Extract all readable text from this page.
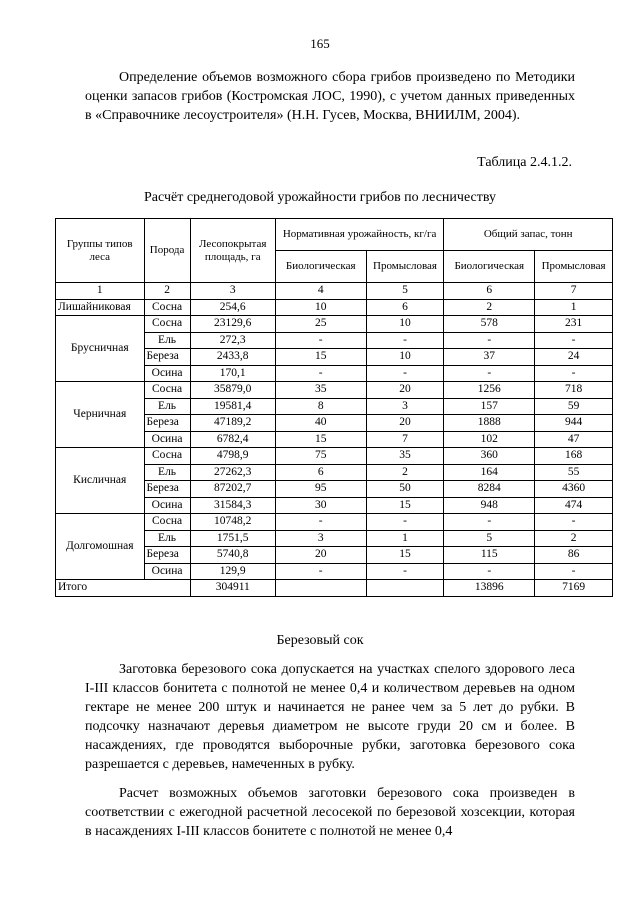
165
Определение объемов возможного сбора грибов произведено по Методики оценки запасов грибов (Костромская ЛОС, 1990), с учетом данных приведенных в «Справочнике лесоустроителя» (Н.Н. Гусев, Москва, ВНИИЛМ, 2004).
Таблица 2.4.1.2.
Расчёт среднегодовой урожайности грибов по лесничеству
Группы типов леса	Порода	Лесопокрытая площадь, га	Нормативная урожайность, кг/га		Общий запас, тонн	
			Биологическая	Промысловая	Биологическая	Промысловая
1	2	3	4	5	6	7
Лишайниковая	Сосна	254,6	10	6	2	1
Брусничная	Сосна	23129,6	25	10	578	231
	Ель	272,3	-	-	-	-
	Береза	2433,8	15	10	37	24
	Осина	170,1	-	-	-	-
Черничная	Сосна	35879,0	35	20	1256	718
	Ель	19581,4	8	3	157	59
	Береза	47189,2	40	20	1888	944
	Осина	6782,4	15	7	102	47
Кисличная	Сосна	4798,9	75	35	360	168
	Ель	27262,3	6	2	164	55
	Береза	87202,7	95	50	8284	4360
	Осина	31584,3	30	15	948	474
Долгомошная	Сосна	10748,2	-	-	-	-
	Ель	1751,5	3	1	5	2
	Береза	5740,8	20	15	115	86
	Осина	129,9	-	-	-	-
Итого		304911			13896	7169
Березовый сок
Заготовка березового сока допускается на участках спелого здорового леса I-III классов бонитета с полнотой не менее 0,4 и количеством деревьев на одном гектаре не менее 200 штук и начинается не ранее чем за 5 лет до рубки. В подсочку назначают деревья диаметром не высоте груди 20 см и более. В насаждениях, где проводятся выборочные рубки, заготовка березового сока разрешается с деревьев, намеченных в рубку.
Расчет возможных объемов заготовки березового сока произведен в соответствии с ежегодной расчетной лесосекой по березовой хозсекции, которая в насаждениях I-III классов бонитете с полнотой не менее 0,4
